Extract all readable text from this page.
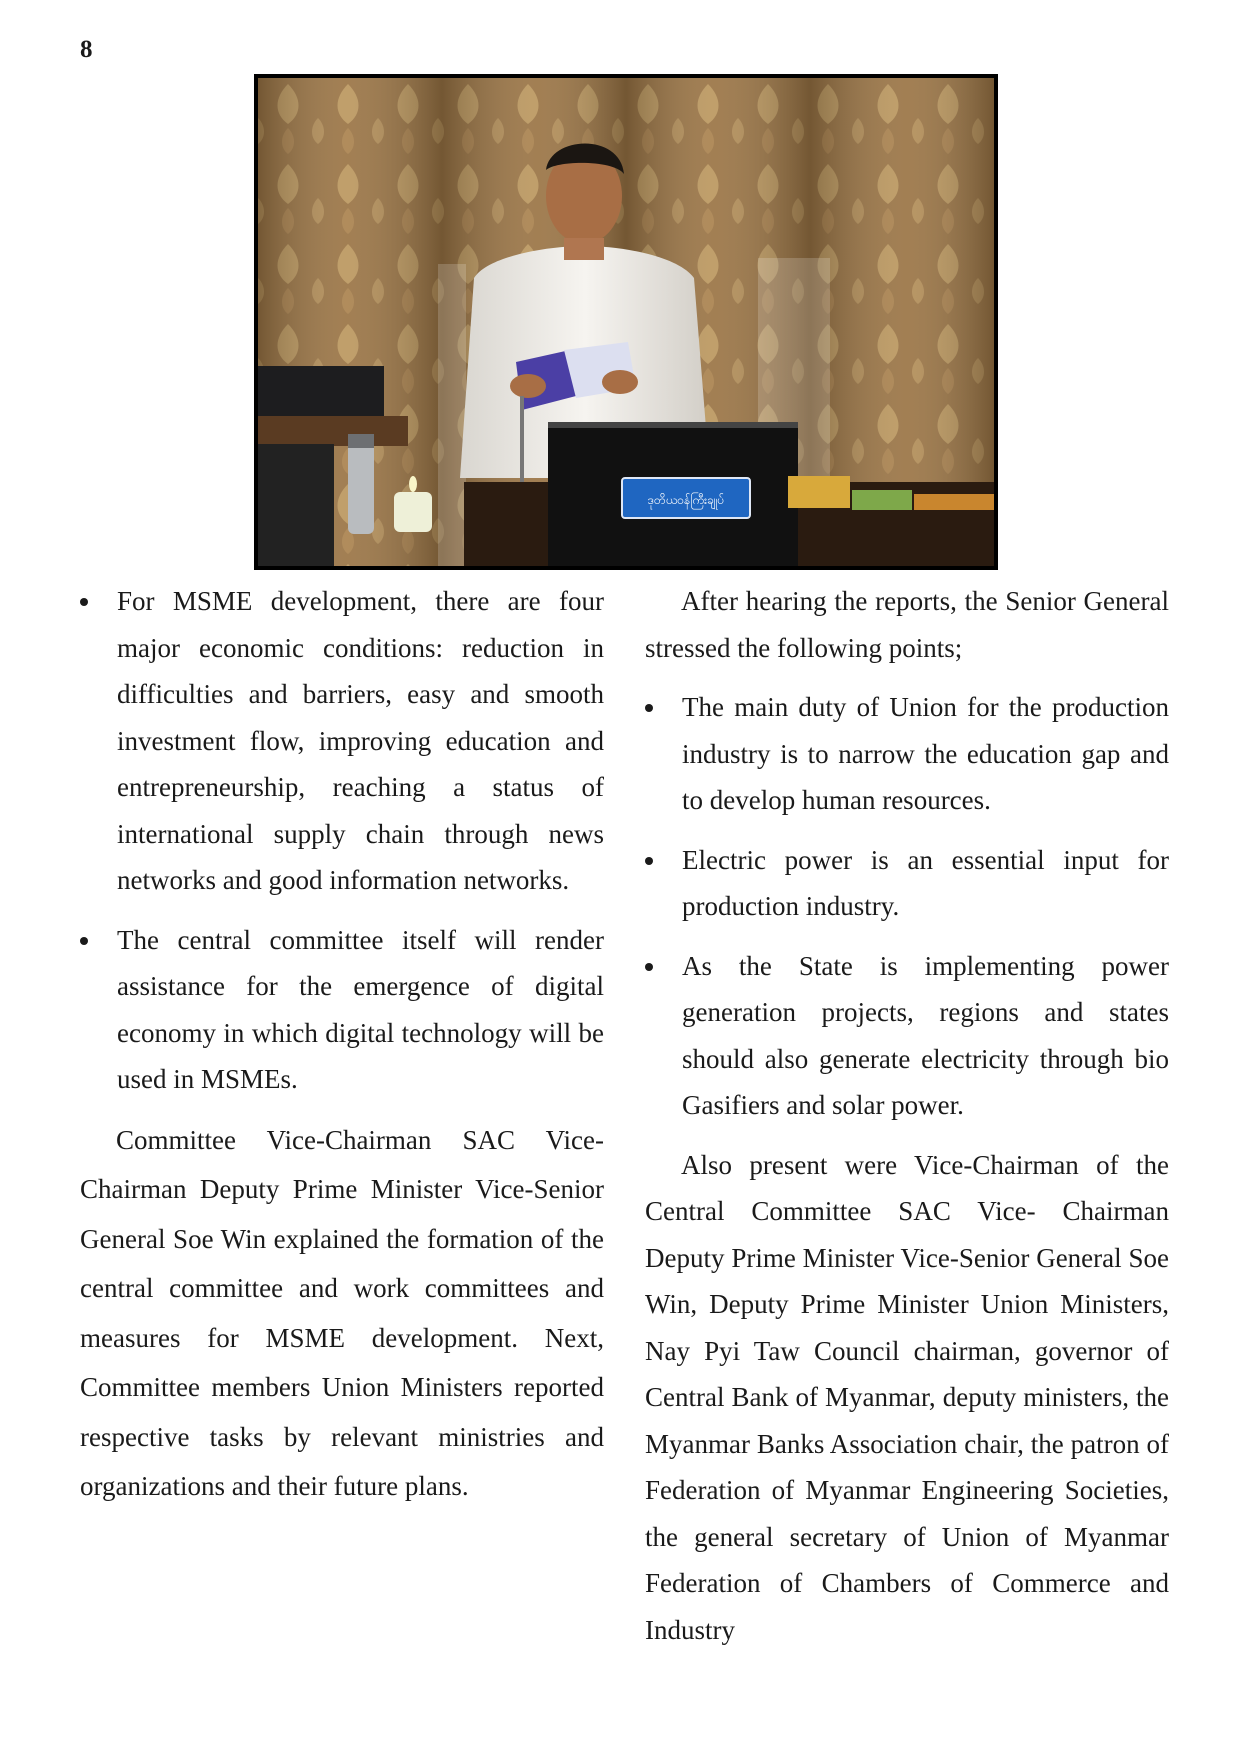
8
ဒုတိယဝန်ကြီးချုပ်
For MSME development, there are four major economic conditions: reduction in difficulties and barriers, easy and smooth investment flow, improving education and entrepreneurship, reaching a status of international supply chain through news networks and good information networks.
The central committee itself will render assistance for the emergence of digital economy in which digital technology will be used in MSMEs.

Committee Vice-Chairman SAC Vice-Chairman Deputy Prime Minister Vice-Senior General Soe Win explained the formation of the central committee and work committees and measures for MSME development. Next, Committee members Union Ministers reported respective tasks by relevant ministries and organizations and their future plans.

After hearing the reports, the Senior General stressed the following points;

The main duty of Union for the production industry is to narrow the education gap and to develop human resources.
Electric power is an essential input for production industry.
As the State is implementing power generation projects, regions and states should also generate electricity through bio Gasifiers and solar power.

Also present were Vice-Chairman of the Central Committee SAC Vice- Chairman Deputy Prime Minister Vice-Senior General Soe Win, Deputy Prime Minister Union Ministers, Nay Pyi Taw Council chairman, governor of Central Bank of Myanmar, deputy ministers, the Myanmar Banks Association chair, the patron of Federation of Myanmar Engineering Societies, the general secretary of Union of Myanmar Federation of Chambers of Commerce and Industry
